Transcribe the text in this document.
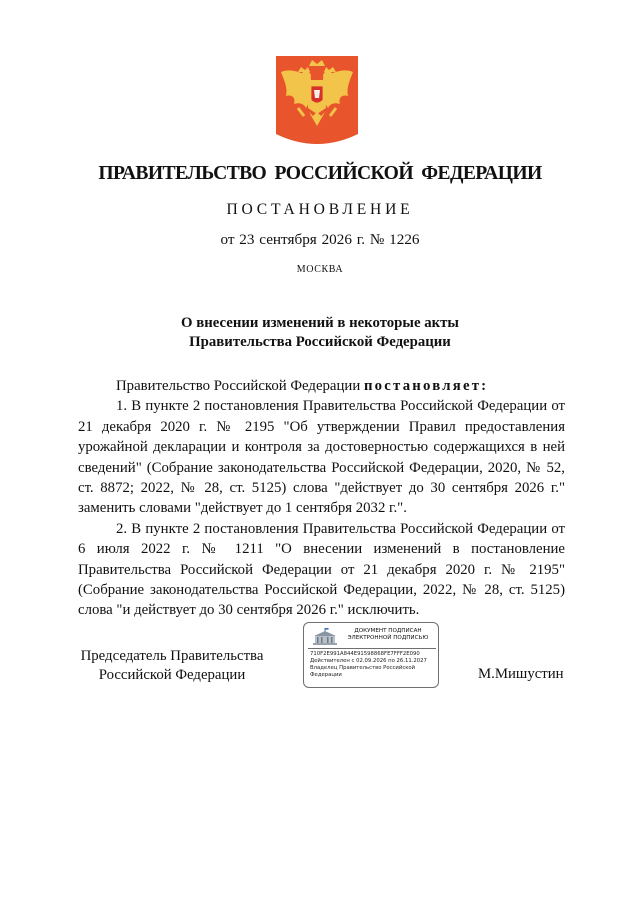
ПРАВИТЕЛЬСТВО РОССИЙСКОЙ ФЕДЕРАЦИИ
ПОСТАНОВЛЕНИЕ
от 23 сентября 2026 г. № 1226
МОСКВА
О внесении изменений в некоторые акты
Правительства Российской Федерации

Правительство Российской Федерации постановляет:

1. В пункте 2 постановления Правительства Российской Федерации от 21 декабря 2020 г. № 2195 "Об утверждении Правил предоставления урожайной декларации и контроля за достоверностью содержащихся в ней сведений" (Собрание законодательства Российской Федерации, 2020, № 52, ст. 8872; 2022, № 28, ст. 5125) слова "действует до 30 сентября 2026 г." заменить словами "действует до 1 сентября 2032 г.".

2. В пункте 2 постановления Правительства Российской Федерации от 6 июля 2022 г. № 1211 "О внесении изменений в постановление Правительства Российской Федерации от 21 декабря 2020 г. № 2195" (Собрание законодательства Российской Федерации, 2022, № 28, ст. 5125) слова "и действует до 30 сентября 2026 г." исключить.

Председатель Правительства
Российской Федерации
ДОКУМЕНТ ПОДПИСАН
ЭЛЕКТРОННОЙ ПОДПИСЬЮ
710F2E991A844E91598868FE7FFF2E090
Действителен с 02.09.2026 по 26.11.2027
Владелец Правительство Российской
Федерации	М.Мишустин
